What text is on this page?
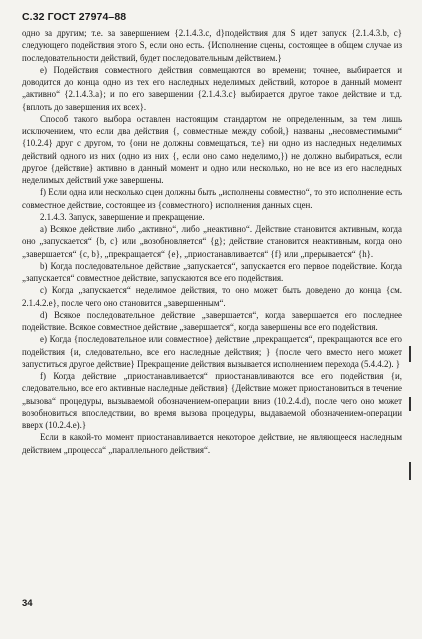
С.32 ГОСТ 27974–88

одно за другим; т.е. за завершением {2.1.4.3.с, d}подействия для S идет запуск {2.1.4.3.b, c} следующего подействия этого S, если оно есть. {Исполнение сцены, состоящее в общем случае из последовательности действий, будет последовательным действием.}

е) Подействия совместного действия совмещаются во времени; точнее, выбирается и доводится до конца одно из тех его наследных неделимых действий, которое в данный момент „активно“ {2.1.4.3.a}; и по его завершении {2.1.4.3.c} выбирается другое такое действие и т.д. {вплоть до завершения их всех}.

Способ такого выбора оставлен настоящим стандартом не определенным, за тем лишь исключением, что если два действия {, совместные между собой,} названы „несовместимыми“ {10.2.4} друг с другом, то {они не должны совмещаться, т.е} ни одно из наследных неделимых действий одного из них (одно из них {, если оно само неделимо,}) не должно выбираться, если другое {действие} активно в данный момент и одно или несколько, но не все из его наследных неделимых действий уже завершены.

f) Если одна или несколько сцен должны быть „исполнены совместно“, то это исполнение есть совместное действие, состоящее из {совместного} исполнения данных сцен.

2.1.4.3. Запуск, завершение и прекращение.

a) Всякое действие либо „активно“, либо „неактивно“. Действие становится активным, когда оно „запускается“ {b, c} или „возобновляется“ {g}; действие становится неактивным, когда оно „завершается“ {c, b}, „прекращается“ {e}, „приостанавливается“ {f} или „прерывается“ {h}.

b) Когда последовательное действие „запускается“, запускается его первое подействие. Когда „запускается“ совместное действие, запускаются все его подействия.

с) Когда „запускается“ неделимое действия, то оно может быть доведено до конца {см. 2.1.4.2.e}, после чего оно становится „завершенным“.

d) Всякое последовательное действие „завершается“, когда завершается его последнее подействие. Всякое совместное действие „завершается“, когда завершены все его подействия.

е) Когда {последовательное или совместное} действие „прекращается“, прекращаются все его подействия {и, следовательно, все его наследные действия; } {после чего вместо него может запуститься другое действие} Прекращение действия вызывается исполнением перехода (5.4.4.2). }

f) Когда действие „приостанавливается“ приостанавливаются все его подействия {и, следовательно, все его активные наследные действия} {Действие может приостановиться в течение „вызова“ процедуры, вызываемой обозначением-операции вниз (10.2.4.d), после чего оно может возобновиться впоследствии, во время вызова процедуры, выдаваемой обозначением-операции вверх (10.2.4.e).}

Если в какой-то момент приостанавливается некоторое действие, не являющееся наследным действием „процесса“ „параллельного действия“.

34
